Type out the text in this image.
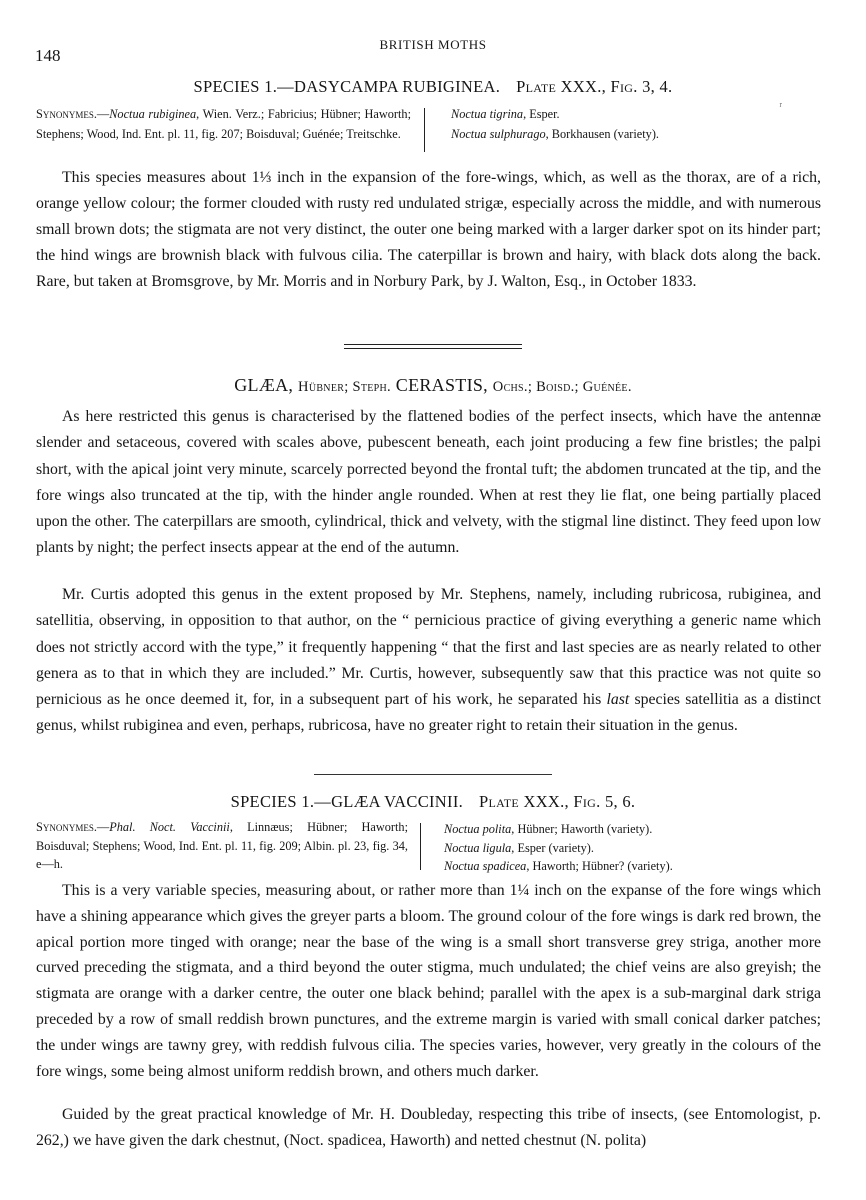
148
BRITISH MOTHS
SPECIES 1.—DASYCAMPA RUBIGINEA. Plate XXX., Fig. 3, 4.
Synonymes.—Noctua rubiginea, Wien. Verz.; Fabricius; Hübner; Haworth; Stephens; Wood, Ind. Ent. pl. 11, fig. 207; Boisduval; Guénée; Treitschke.
Noctua tigrina, Esper.
Noctua sulphurago, Borkhausen (variety).
r

This species measures about 1⅓ inch in the expansion of the fore-wings, which, as well as the thorax, are of a rich, orange yellow colour; the former clouded with rusty red undulated strigæ, especially across the middle, and with numerous small brown dots; the stigmata are not very distinct, the outer one being marked with a larger darker spot on its hinder part; the hind wings are brownish black with fulvous cilia. The caterpillar is brown and hairy, with black dots along the back. Rare, but taken at Bromsgrove, by Mr. Morris and in Norbury Park, by J. Walton, Esq., in October 1833.

GLÆA, Hübner; Steph. CERASTIS, Ochs.; Boisd.; Guénée.

As here restricted this genus is characterised by the flattened bodies of the perfect insects, which have the antennæ slender and setaceous, covered with scales above, pubescent beneath, each joint producing a few fine bristles; the palpi short, with the apical joint very minute, scarcely porrected beyond the frontal tuft; the abdomen truncated at the tip, and the fore wings also truncated at the tip, with the hinder angle rounded. When at rest they lie flat, one being partially placed upon the other. The caterpillars are smooth, cylindrical, thick and velvety, with the stigmal line distinct. They feed upon low plants by night; the perfect insects appear at the end of the autumn.

Mr. Curtis adopted this genus in the extent proposed by Mr. Stephens, namely, including rubricosa, rubiginea, and satellitia, observing, in opposition to that author, on the “ pernicious practice of giving everything a generic name which does not strictly accord with the type,” it frequently happening “ that the first and last species are as nearly related to other genera as to that in which they are included.” Mr. Curtis, however, subsequently saw that this practice was not quite so pernicious as he once deemed it, for, in a subsequent part of his work, he separated his last species satellitia as a distinct genus, whilst rubiginea and even, perhaps, rubricosa, have no greater right to retain their situation in the genus.

SPECIES 1.—GLÆA VACCINII. Plate XXX., Fig. 5, 6.
Synonymes.—Phal. Noct. Vaccinii, Linnæus; Hübner; Haworth; Boisduval; Stephens; Wood, Ind. Ent. pl. 11, fig. 209; Albin. pl. 23, fig. 34, e—h.
Noctua polita, Hübner; Haworth (variety).
Noctua ligula, Esper (variety).
Noctua spadicea, Haworth; Hübner? (variety).

This is a very variable species, measuring about, or rather more than 1¼ inch on the expanse of the fore wings which have a shining appearance which gives the greyer parts a bloom. The ground colour of the fore wings is dark red brown, the apical portion more tinged with orange; near the base of the wing is a small short transverse grey striga, another more curved preceding the stigmata, and a third beyond the outer stigma, much undulated; the chief veins are also greyish; the stigmata are orange with a darker centre, the outer one black behind; parallel with the apex is a sub-marginal dark striga preceded by a row of small reddish brown punctures, and the extreme margin is varied with small conical darker patches; the under wings are tawny grey, with reddish fulvous cilia. The species varies, however, very greatly in the colours of the fore wings, some being almost uniform reddish brown, and others much darker.

Guided by the great practical knowledge of Mr. H. Doubleday, respecting this tribe of insects, (see Entomologist, p. 262,) we have given the dark chestnut, (Noct. spadicea, Haworth) and netted chestnut (N. polita)
